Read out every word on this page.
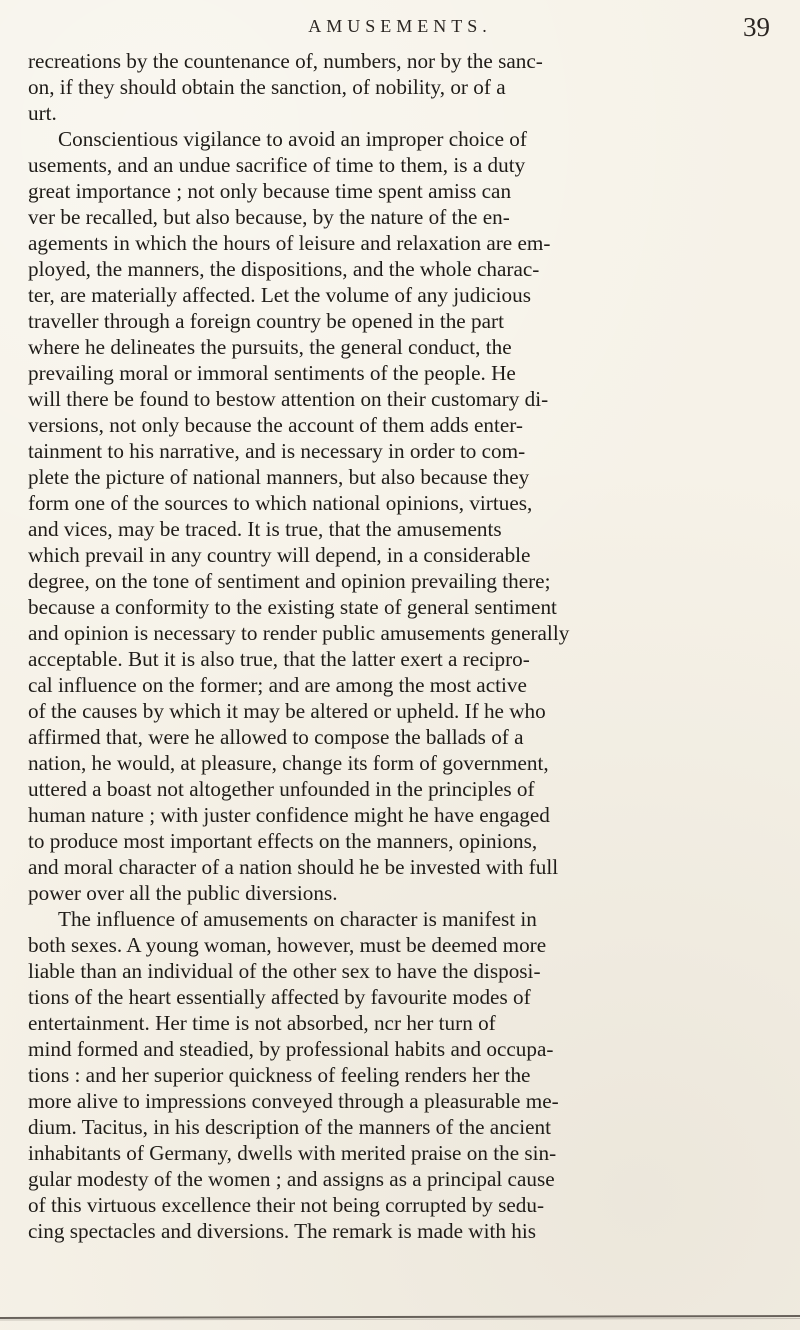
AMUSEMENTS.	39
recreations by the countenance of, numbers, nor by the sanc-
on, if they should obtain the sanction, of nobility, or of a
urt.
Conscientious vigilance to avoid an improper choice of
usements, and an undue sacrifice of time to them, is a duty
great importance ; not only because time spent amiss can
ver be recalled, but also because, by the nature of the en-
agements in which the hours of leisure and relaxation are em-
ployed, the manners, the dispositions, and the whole charac-
ter, are materially affected. Let the volume of any judicious
traveller through a foreign country be opened in the part
where he delineates the pursuits, the general conduct, the
prevailing moral or immoral sentiments of the people. He
will there be found to bestow attention on their customary di-
versions, not only because the account of them adds enter-
tainment to his narrative, and is necessary in order to com-
plete the picture of national manners, but also because they
form one of the sources to which national opinions, virtues,
and vices, may be traced. It is true, that the amusements
which prevail in any country will depend, in a considerable
degree, on the tone of sentiment and opinion prevailing there;
because a conformity to the existing state of general sentiment
and opinion is necessary to render public amusements generally
acceptable. But it is also true, that the latter exert a recipro-
cal influence on the former; and are among the most active
of the causes by which it may be altered or upheld. If he who
affirmed that, were he allowed to compose the ballads of a
nation, he would, at pleasure, change its form of government,
uttered a boast not altogether unfounded in the principles of
human nature ; with juster confidence might he have engaged
to produce most important effects on the manners, opinions,
and moral character of a nation should he be invested with full
power over all the public diversions.
The influence of amusements on character is manifest in
both sexes. A young woman, however, must be deemed more
liable than an individual of the other sex to have the disposi-
tions of the heart essentially affected by favourite modes of
entertainment. Her time is not absorbed, ncr her turn of
mind formed and steadied, by professional habits and occupa-
tions : and her superior quickness of feeling renders her the
more alive to impressions conveyed through a pleasurable me-
dium. Tacitus, in his description of the manners of the ancient
inhabitants of Germany, dwells with merited praise on the sin-
gular modesty of the women ; and assigns as a principal cause
of this virtuous excellence their not being corrupted by sedu-
cing spectacles and diversions. The remark is made with his
